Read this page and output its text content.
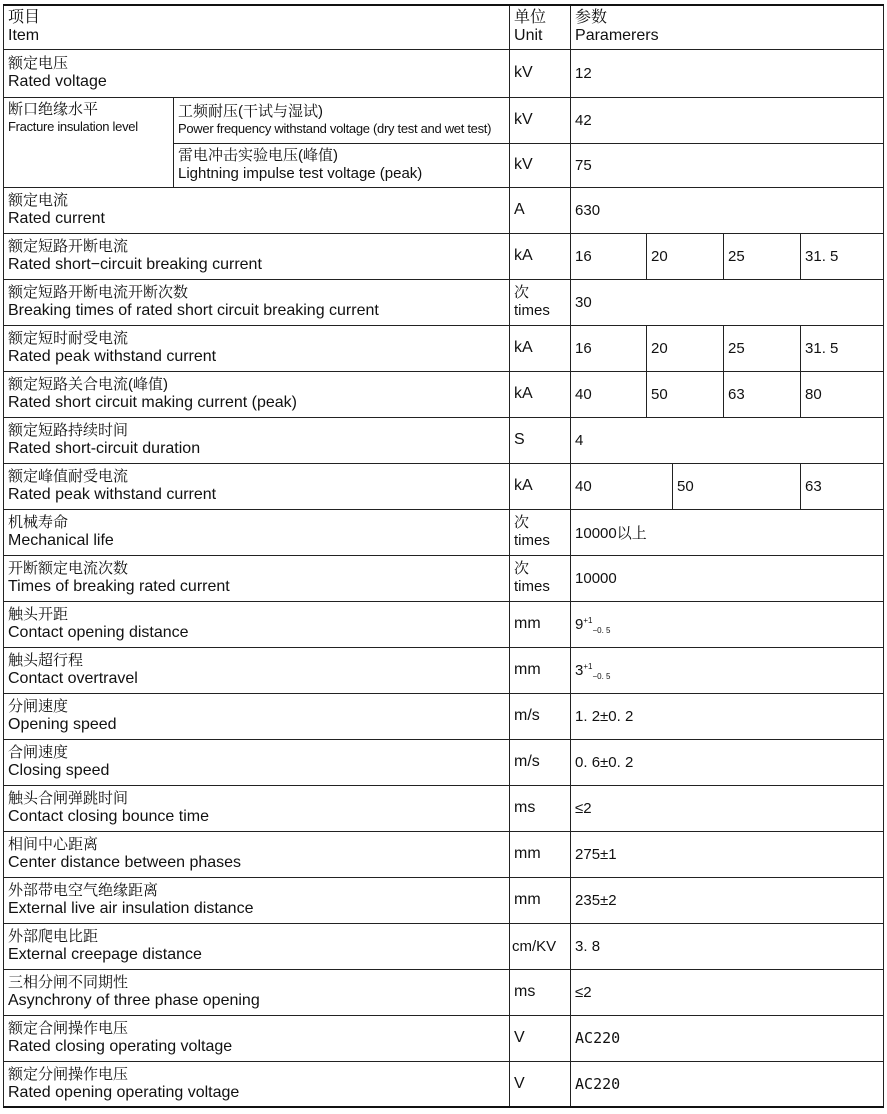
项目
Item		单位
Unit	参数
Paramerers				

额定电压
Rated voltage		kV	12				

断口绝缘水平
Fracture insulation level	工频耐压(干试与湿试)
Power frequency withstand voltage (dry test and wet test)	kV	42				

	雷电冲击实验电压(峰值)
Lightning impulse test voltage (peak)	kV	75				

额定电流
Rated current		A	630				

额定短路开断电流
Rated short−circuit breaking current		kA	16	20		25	31. 5

额定短路开断电流开断次数
Breaking times of rated short circuit breaking current		次
times	30				

额定短时耐受电流
Rated peak withstand current		kA	16	20		25	31. 5

额定短路关合电流(峰值)
Rated short circuit making current (peak)		kA	40	50		63	80

额定短路持续时间
Rated short-circuit duration		S	4				

额定峰值耐受电流
Rated peak withstand current		kA	40		50		63

机械寿命
Mechanical life		次
times	10000以上				

开断额定电流次数
Times of breaking rated current		次
times	10000				

触头开距
Contact opening distance		mm	$9^{+1}_{-0. 5}$

触头超行程
Contact overtravel		mm	$3^{+1}_{-0. 5}$

分闸速度
Opening speed		m/s	1. 2±0. 2				

合闸速度
Closing speed		m/s	0. 6±0. 2				

触头合闸弹跳时间
Contact closing bounce time		ms	≤2				

相间中心距离
Center distance between phases		mm	275±1				

外部带电空气绝缘距离
External live air insulation distance		mm	235±2				

外部爬电比距
External creepage distance		cm/KV	3. 8				

三相分闸不同期性
Asynchrony of three phase opening		ms	≤2				

额定合闸操作电压
Rated closing operating voltage		V	AC220				

额定分闸操作电压
Rated opening operating voltage		V	AC220				
